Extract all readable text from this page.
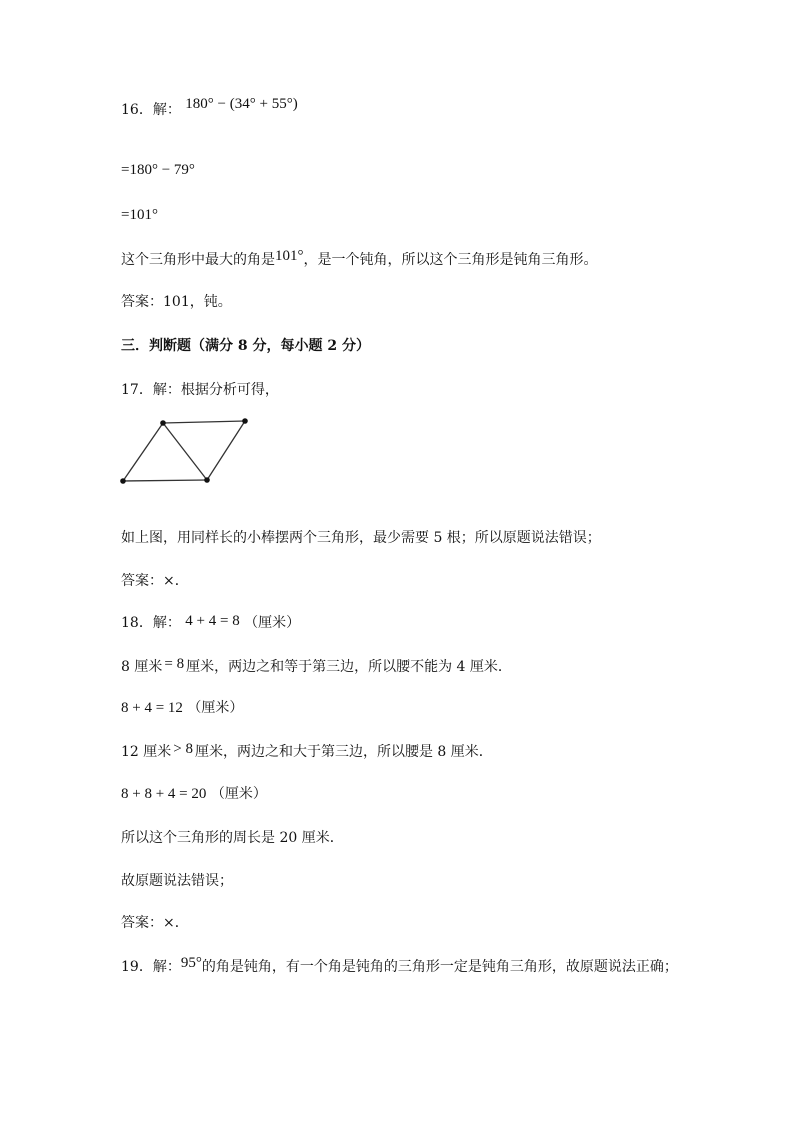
16．解： 180° − (34° + 55°)
=180° − 79°
=101°
这个三角形中最大的角是101°，是一个钝角，所以这个三角形是钝角三角形。
答案：101，钝。
三．判断题（满分 8 分，每小题 2 分）
17．解：根据分析可得，
如上图，用同样长的小棒摆两个三角形，最少需要 5 根；所以原题说法错误；
答案：×．
18．解： 4 + 4 = 8 （厘米）
8 厘米 = 8 厘米，两边之和等于第三边，所以腰不能为 4 厘米．
8 + 4 = 12 （厘米）
12 厘米 > 8 厘米，两边之和大于第三边，所以腰是 8 厘米．
8 + 8 + 4 = 20 （厘米）
所以这个三角形的周长是 20 厘米．
故原题说法错误；
答案：×．
19．解：95°的角是钝角，有一个角是钝角的三角形一定是钝角三角形，故原题说法正确；
